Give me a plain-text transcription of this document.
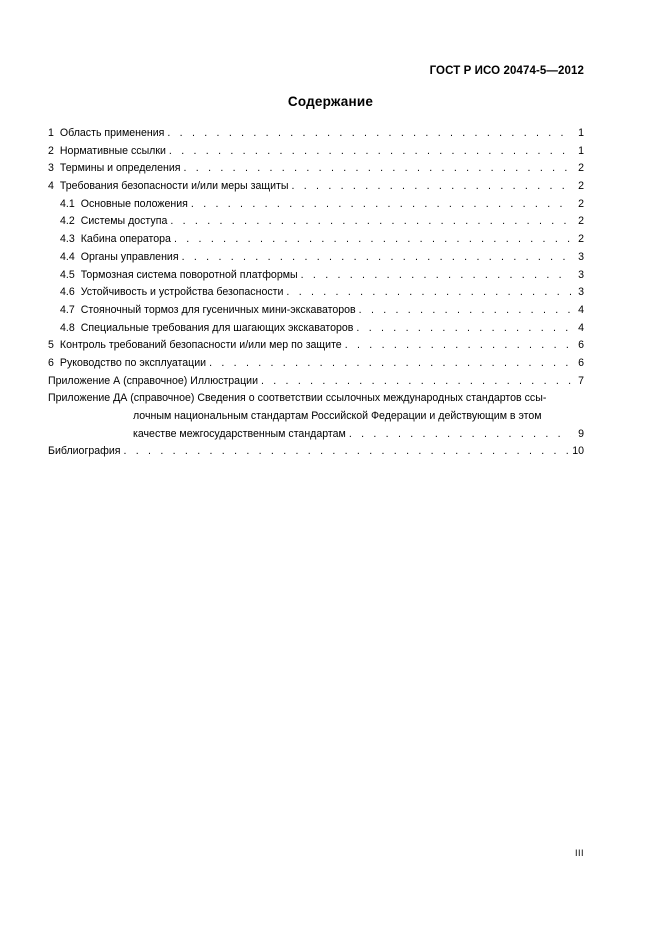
ГОСТ Р ИСО 20474-5—2012
Содержание
1 Область применения . . .	1
2 Нормативные ссылки . . .	1
3 Термины и определения . . .	2
4 Требования безопасности и/или меры защиты . . .	2
4.1 Основные положения . . .	2
4.2 Системы доступа . . .	2
4.3 Кабина оператора . . .	2
4.4 Органы управления . . .	3
4.5 Тормозная система поворотной платформы . . .	3
4.6 Устойчивость и устройства безопасности . . .	3
4.7 Стояночный тормоз для гусеничных мини-экскаваторов . . .	4
4.8 Специальные требования для шагающих экскаваторов . . .	4
5 Контроль требований безопасности и/или мер по защите . . .	6
6 Руководство по эксплуатации . . .	6
Приложение А (справочное) Иллюстрации . . .	7
Приложение ДА (справочное) Сведения о соответствии ссылочных международных стандартов ссы-
лочным национальным стандартам Российской Федерации и действующим в этом
качестве межгосударственным стандартам . . .	9
Библиография . . .	10
III
